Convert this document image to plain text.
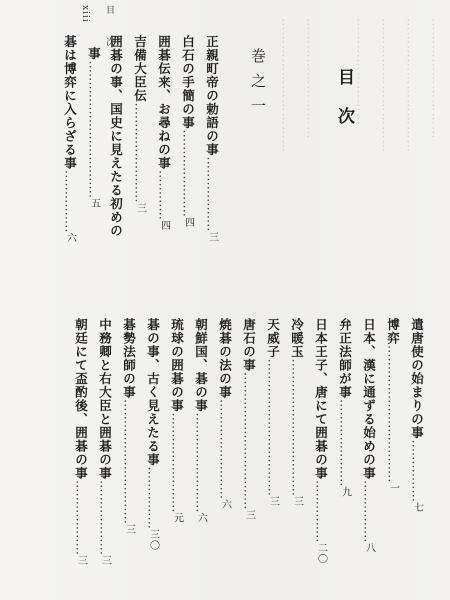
xiii 目 次
目次
巻之一
正親町帝の勅語の事………………三
白石の手簡の事…………………四
囲碁伝来、お尋ねの事…………四
吉備大臣伝……………………三
囲碁の事、国史に見えたる初めの
事……………………………五
碁は博弈に入らざる事……………六
………………………
…………………………
…………………………
……………………
………………………
…………………………
遣唐使の始まりの事……………七
博弈……………………………一
日本、漢に通ずる始めの事……………八
弁正法師が事…………………九
日本王子、唐にて囲碁の事……………二〇
冷暖玉……………………………三
天威子……………………………三
唐石の事……………………………三
焼碁の法の事……………………六
朝鮮国、碁の事……………………六
琉球の囲碁の事……………………元
碁の事、古く見えたる事……………三〇
碁勢法師の事…………………………三
中務卿と右大臣と囲碁の事………………三
朝廷にて盃酌後、囲碁の事………………三
